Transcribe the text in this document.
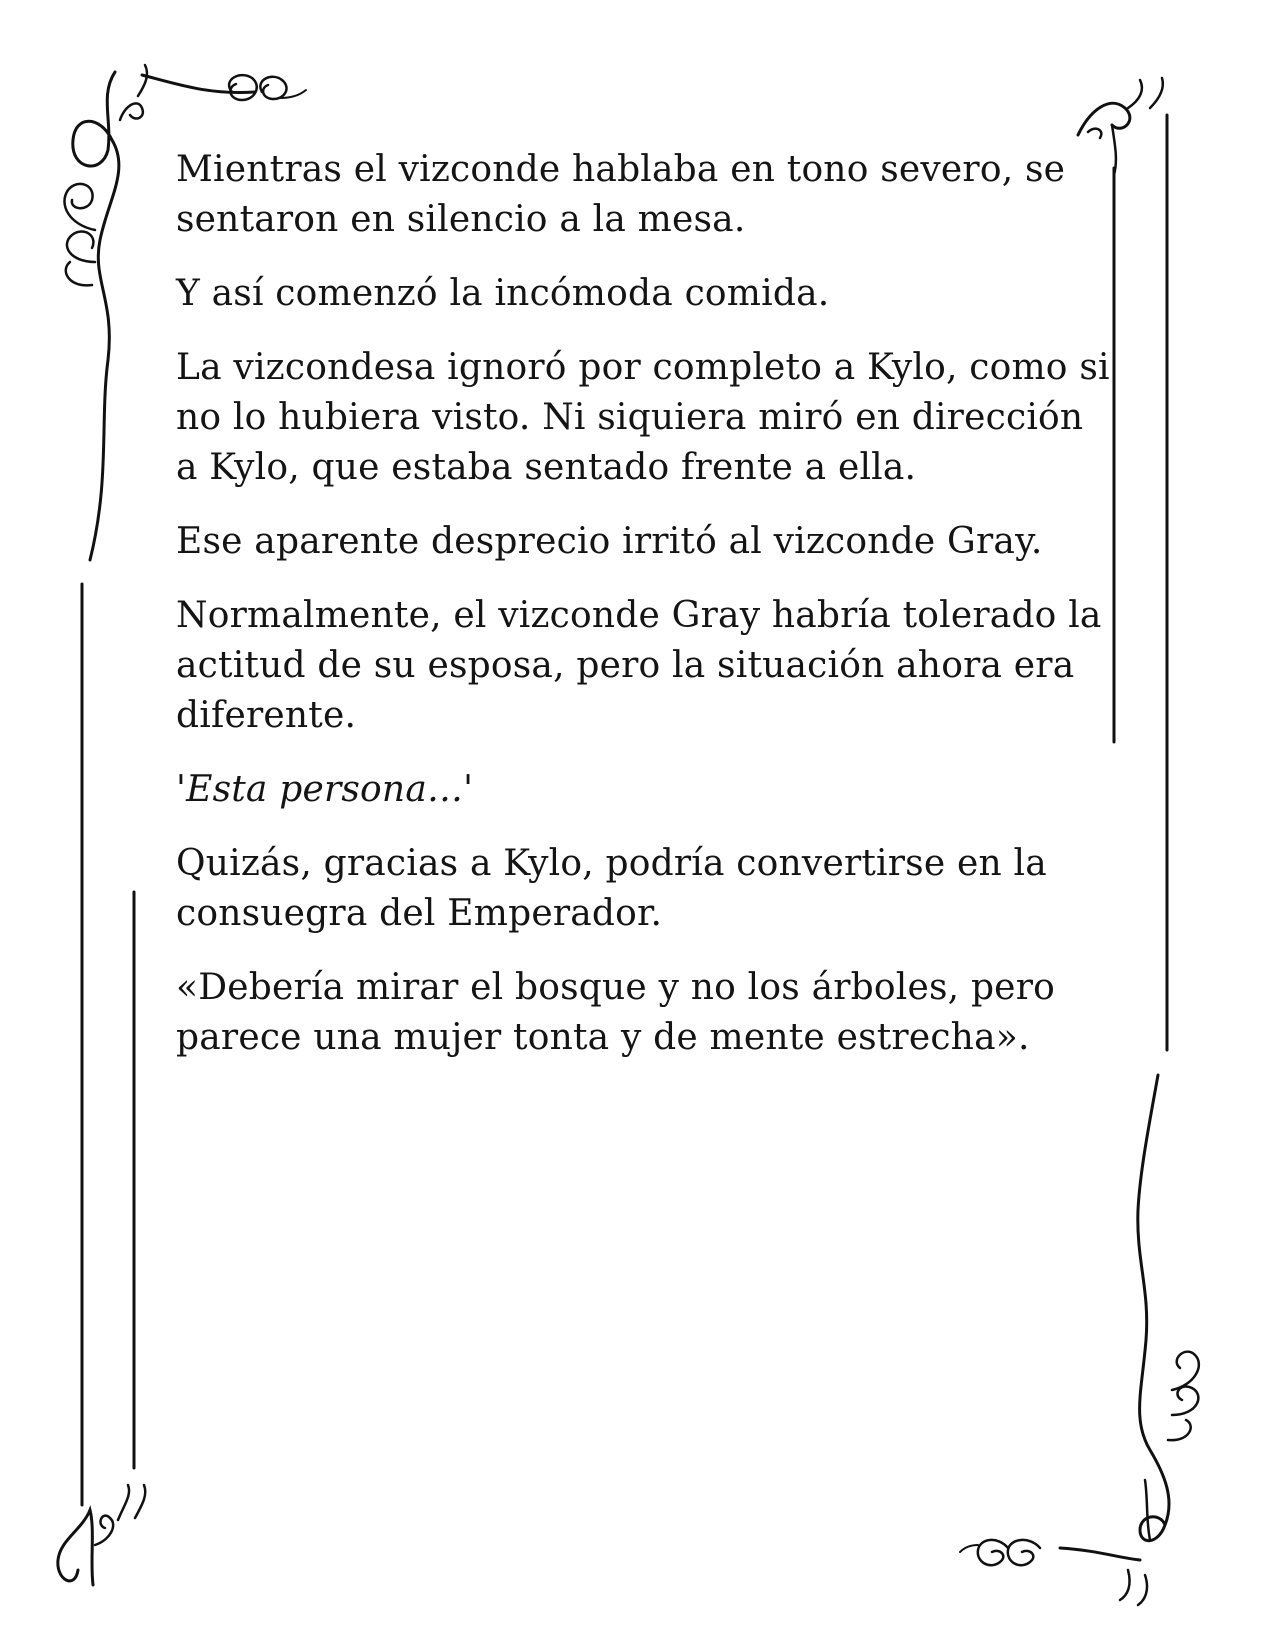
Mientras el vizconde hablaba en tono severo, se sentaron en silencio a la mesa.

Y así comenzó la incómoda comida.

La vizcondesa ignoró por completo a Kylo, como si no lo hubiera visto. Ni siquiera miró en dirección a Kylo, que estaba sentado frente a ella.

Ese aparente desprecio irritó al vizconde Gray.

Normalmente, el vizconde Gray habría tolerado la actitud de su esposa, pero la situación ahora era diferente.

'Esta persona…'

Quizás, gracias a Kylo, podría convertirse en la consuegra del Emperador.

«Debería mirar el bosque y no los árboles, pero parece una mujer tonta y de mente estrecha».
